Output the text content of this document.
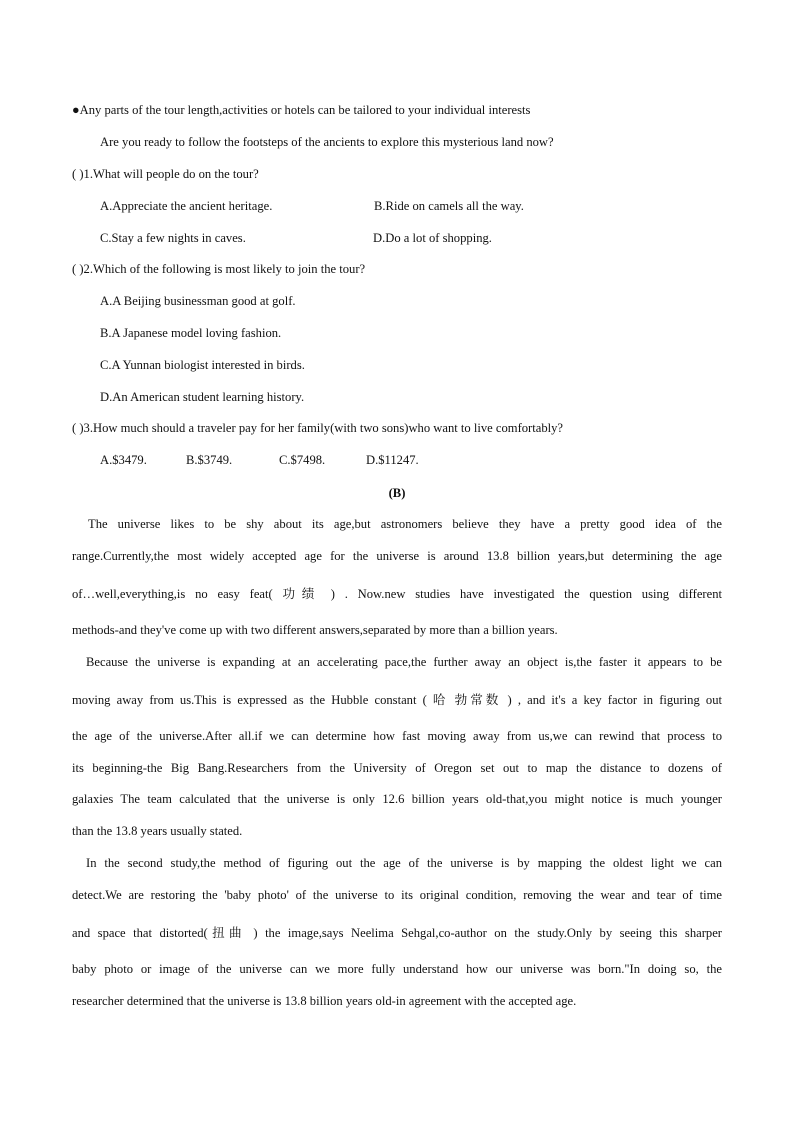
●Any parts of the tour length,activities or hotels can be tailored to your individual interests
Are you ready to follow the footsteps of the ancients to explore this mysterious land now?
( )1.What will people do on the tour?
A.Appreciate the ancient heritage.	B.Ride on camels all the way.
C.Stay a few nights in caves.	D.Do a lot of shopping.
( )2.Which of the following is most likely to join the tour?
A.A Beijing businessman good at golf.
B.A Japanese model loving fashion.
C.A Yunnan biologist interested in birds.
D.An American student learning history.
( )3.How much should a traveler pay for her family(with two sons)who want to live comfortably?
A.$3479.	B.$3749.	C.$7498.	D.$11247.
(B)
The universe likes to be shy about its age,but astronomers believe they have a pretty good idea of the
range.Currently,the most widely accepted age for the universe is around 13.8 billion years,but determining the age
of…well,everything,is no easy feat( 功绩 ) . Now.new studies have investigated the question using different
methods-and they've come up with two different answers,separated by more than a billion years.
Because the universe is expanding at an accelerating pace,the further away an object is,the faster it appears to be
moving away from us.This is expressed as the Hubble constant ( 哈 勃常数 ) , and it's a key factor in figuring out
the age of the universe.After all.if we can determine how fast moving away from us,we can rewind that process to
its beginning-the Big Bang.Researchers from the University of Oregon set out to map the distance to dozens of
galaxies The team calculated that the universe is only 12.6 billion years old-that,you might notice is much younger
than the 13.8 years usually stated.
In the second study,the method of figuring out the age of the universe is by mapping the oldest light we can
detect.We are restoring the 'baby photo' of the universe to its original condition, removing the wear and tear of time
and space that distorted(扭曲 ) the image,says Neelima Sehgal,co-author on the study.Only by seeing this sharper
baby photo or image of the universe can we more fully understand how our universe was born."In doing so, the
researcher determined that the universe is 13.8 billion years old-in agreement with the accepted age.
